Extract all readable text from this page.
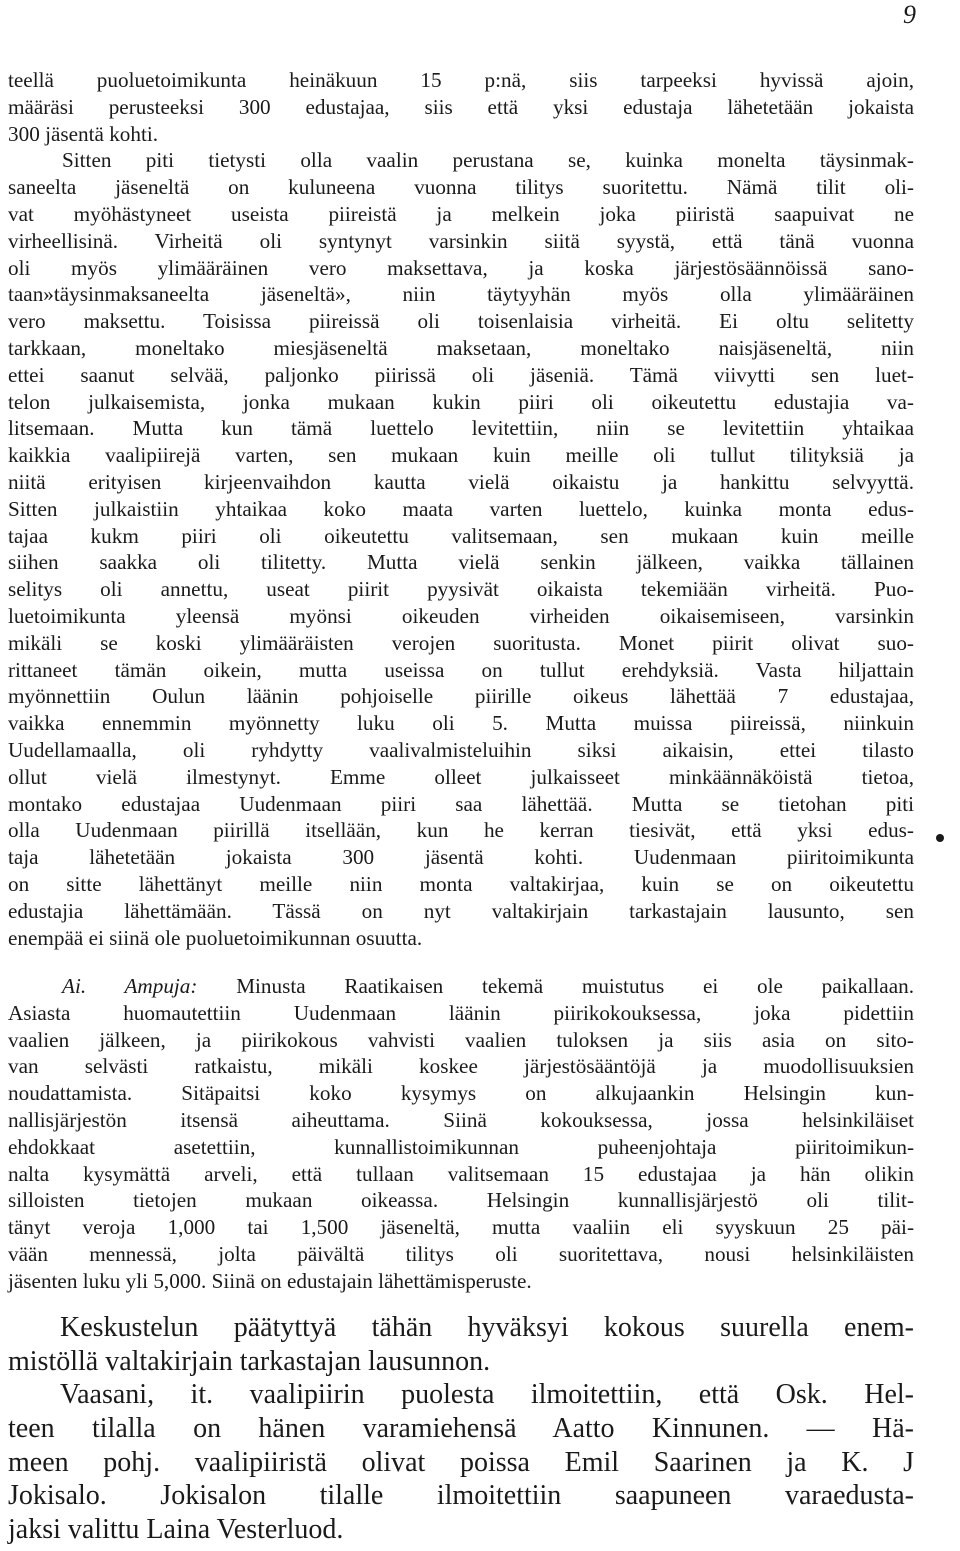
9
teellä puoluetoimikunta heinäkuun 15 p:nä, siis tarpeeksi hyvissä ajoin,
määräsi perusteeksi 300 edustajaa, siis että yksi edustaja lähetetään jokaista
300 jäsentä kohti.
Sitten piti tietysti olla vaalin perustana se, kuinka monelta täysinmak-
saneelta jäseneltä on kuluneena vuonna tilitys suoritettu. Nämä tilit oli-
vat myöhästyneet useista piireistä ja melkein joka piiristä saapuivat ne
virheellisinä. Virheitä oli syntynyt varsinkin siitä syystä, että tänä vuonna
oli myös ylimääräinen vero maksettava, ja koska järjestösäännöissä sano-
taan»täysinmaksaneelta jäseneltä», niin täytyyhän myös olla ylimääräinen
vero maksettu. Toisissa piireissä oli toisenlaisia virheitä. Ei oltu selitetty
tarkkaan, moneltako miesjäseneltä maksetaan, moneltako naisjäseneltä, niin
ettei saanut selvää, paljonko piirissä oli jäseniä. Tämä viivytti sen luet-
telon julkaisemista, jonka mukaan kukin piiri oli oikeutettu edustajia va-
litsemaan. Mutta kun tämä luettelo levitettiin, niin se levitettiin yhtaikaa
kaikkia vaalipiirejä varten, sen mukaan kuin meille oli tullut tilityksiä ja
niitä erityisen kirjeenvaihdon kautta vielä oikaistu ja hankittu selvyyttä.
Sitten julkaistiin yhtaikaa koko maata varten luettelo, kuinka monta edus-
tajaa kukm piiri oli oikeutettu valitsemaan, sen mukaan kuin meille
siihen saakka oli tilitetty. Mutta vielä senkin jälkeen, vaikka tällainen
selitys oli annettu, useat piirit pyysivät oikaista tekemiään virheitä. Puo-
luetoimikunta yleensä myönsi oikeuden virheiden oikaisemiseen, varsinkin
mikäli se koski ylimääräisten verojen suoritusta. Monet piirit olivat suo-
rittaneet tämän oikein, mutta useissa on tullut erehdyksiä. Vasta hiljattain
myönnettiin Oulun läänin pohjoiselle piirille oikeus lähettää 7 edustajaa,
vaikka ennemmin myönnetty luku oli 5. Mutta muissa piireissä, niinkuin
Uudellamaalla, oli ryhdytty vaalivalmisteluihin siksi aikaisin, ettei tilasto
ollut vielä ilmestynyt. Emme olleet julkaisseet minkäännäköistä tietoa,
montako edustajaa Uudenmaan piiri saa lähettää. Mutta se tietohan piti
olla Uudenmaan piirillä itsellään, kun he kerran tiesivät, että yksi edus-
taja lähetetään jokaista 300 jäsentä kohti. Uudenmaan piiritoimikunta
on sitte lähettänyt meille niin monta valtakirjaa, kuin se on oikeutettu
edustajia lähettämään. Tässä on nyt valtakirjain tarkastajain lausunto, sen
enempää ei siinä ole puoluetoimikunnan osuutta.
Ai. Ampuja: Minusta Raatikaisen tekemä muistutus ei ole paikallaan.
Asiasta huomautettiin Uudenmaan läänin piirikokouksessa, joka pidettiin
vaalien jälkeen, ja piirikokous vahvisti vaalien tuloksen ja siis asia on sito-
van selvästi ratkaistu, mikäli koskee järjestösääntöjä ja muodollisuuksien
noudattamista. Sitäpaitsi koko kysymys on alkujaankin Helsingin kun-
nallisjärjestön itsensä aiheuttama. Siinä kokouksessa, jossa helsinkiläiset
ehdokkaat asetettiin, kunnallistoimikunnan puheenjohtaja piiritoimikun-
nalta kysymättä arveli, että tullaan valitsemaan 15 edustajaa ja hän olikin
silloisten tietojen mukaan oikeassa. Helsingin kunnallisjärjestö oli tilit-
tänyt veroja 1,000 tai 1,500 jäseneltä, mutta vaaliin eli syyskuun 25 päi-
vään mennessä, jolta päivältä tilitys oli suoritettava, nousi helsinkiläisten
jäsenten luku yli 5,000. Siinä on edustajain lähettämisperuste.
Keskustelun päätyttyä tähän hyväksyi kokous suurella enem-
mistöllä valtakirjain tarkastajan lausunnon.
Vaasani, it. vaalipiirin puolesta ilmoitettiin, että Osk. Hel-
teen tilalla on hänen varamiehensä Aatto Kinnunen. — Hä-
meen pohj. vaalipiiristä olivat poissa Emil Saarinen ja K. J
Jokisalo. Jokisalon tilalle ilmoitettiin saapuneen varaedusta-
jaksi valittu Laina Vesterluod.
